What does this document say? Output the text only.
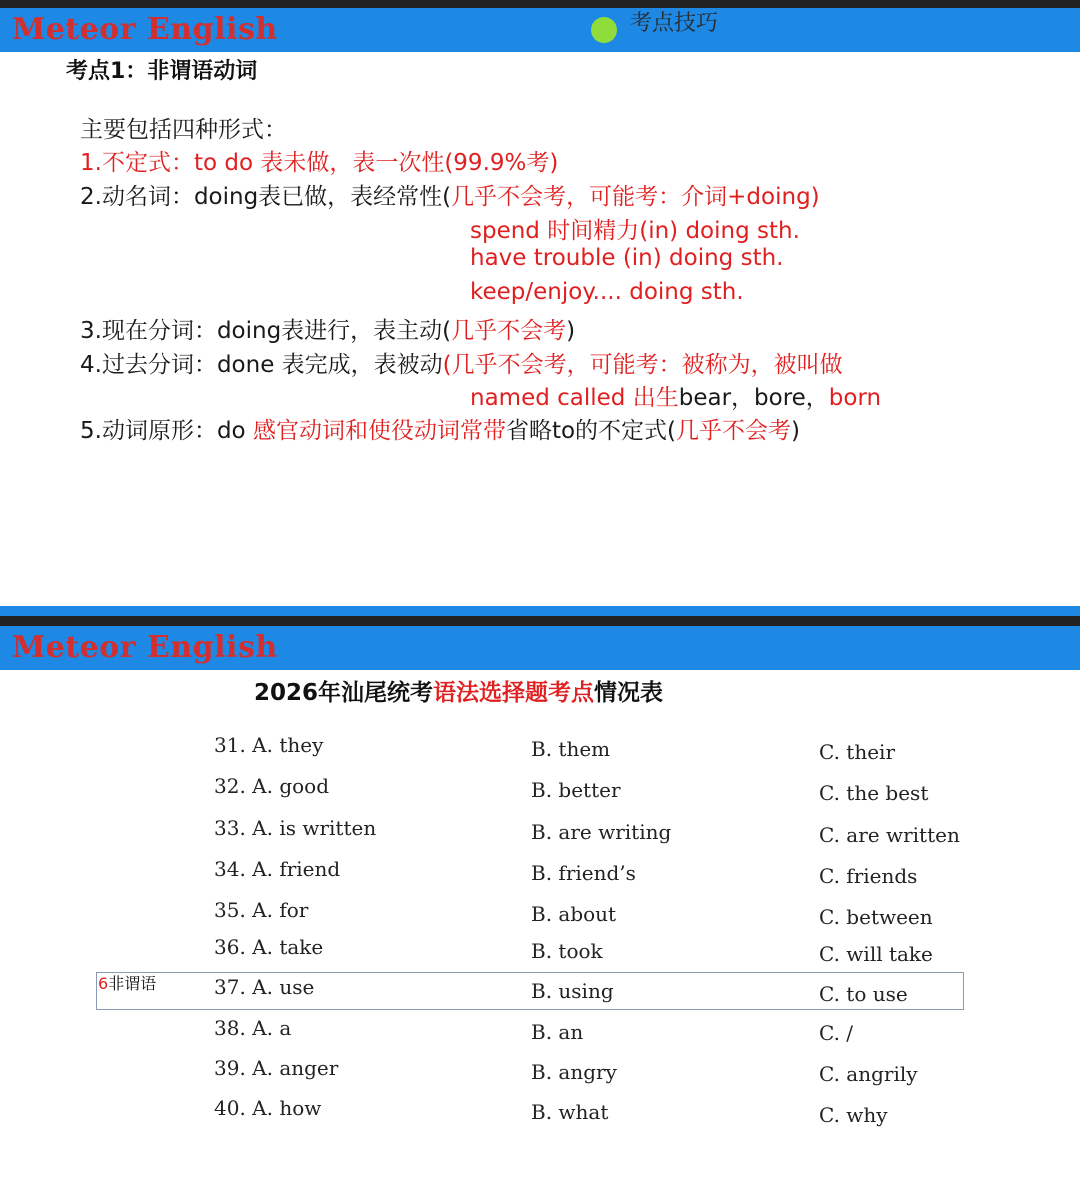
Meteor English	考点技巧
考点1：非谓语动词
主要包括四种形式：
1.不定式：to do 表未做，表一次性(99.9%考)
2.动名词：doing表已做，表经常性(几乎不会考，可能考：介词+doing)
spend 时间精力(in) doing sth.
have trouble (in) doing sth.
keep/enjoy.... doing sth.
3.现在分词：doing表进行，表主动(几乎不会考)
4.过去分词：done 表完成，表被动(几乎不会考，可能考：被称为，被叫做
named called 出生bear，bore，born
5.动词原形：do 感官动词和使役动词常带省略to的不定式(几乎不会考)
Meteor English
2026年汕尾统考语法选择题考点情况表
6非谓语
31. A. they	B. them	C. their
32. A. good	B. better	C. the best
33. A. is written	B. are writing	C. are written
34. A. friend	B. friend’s	C. friends
35. A. for	B. about	C. between
36. A. take	B. took	C. will take
37. A. use	B. using	C. to use
38. A. a	B. an	C. /
39. A. anger	B. angry	C. angrily
40. A. how	B. what	C. why
